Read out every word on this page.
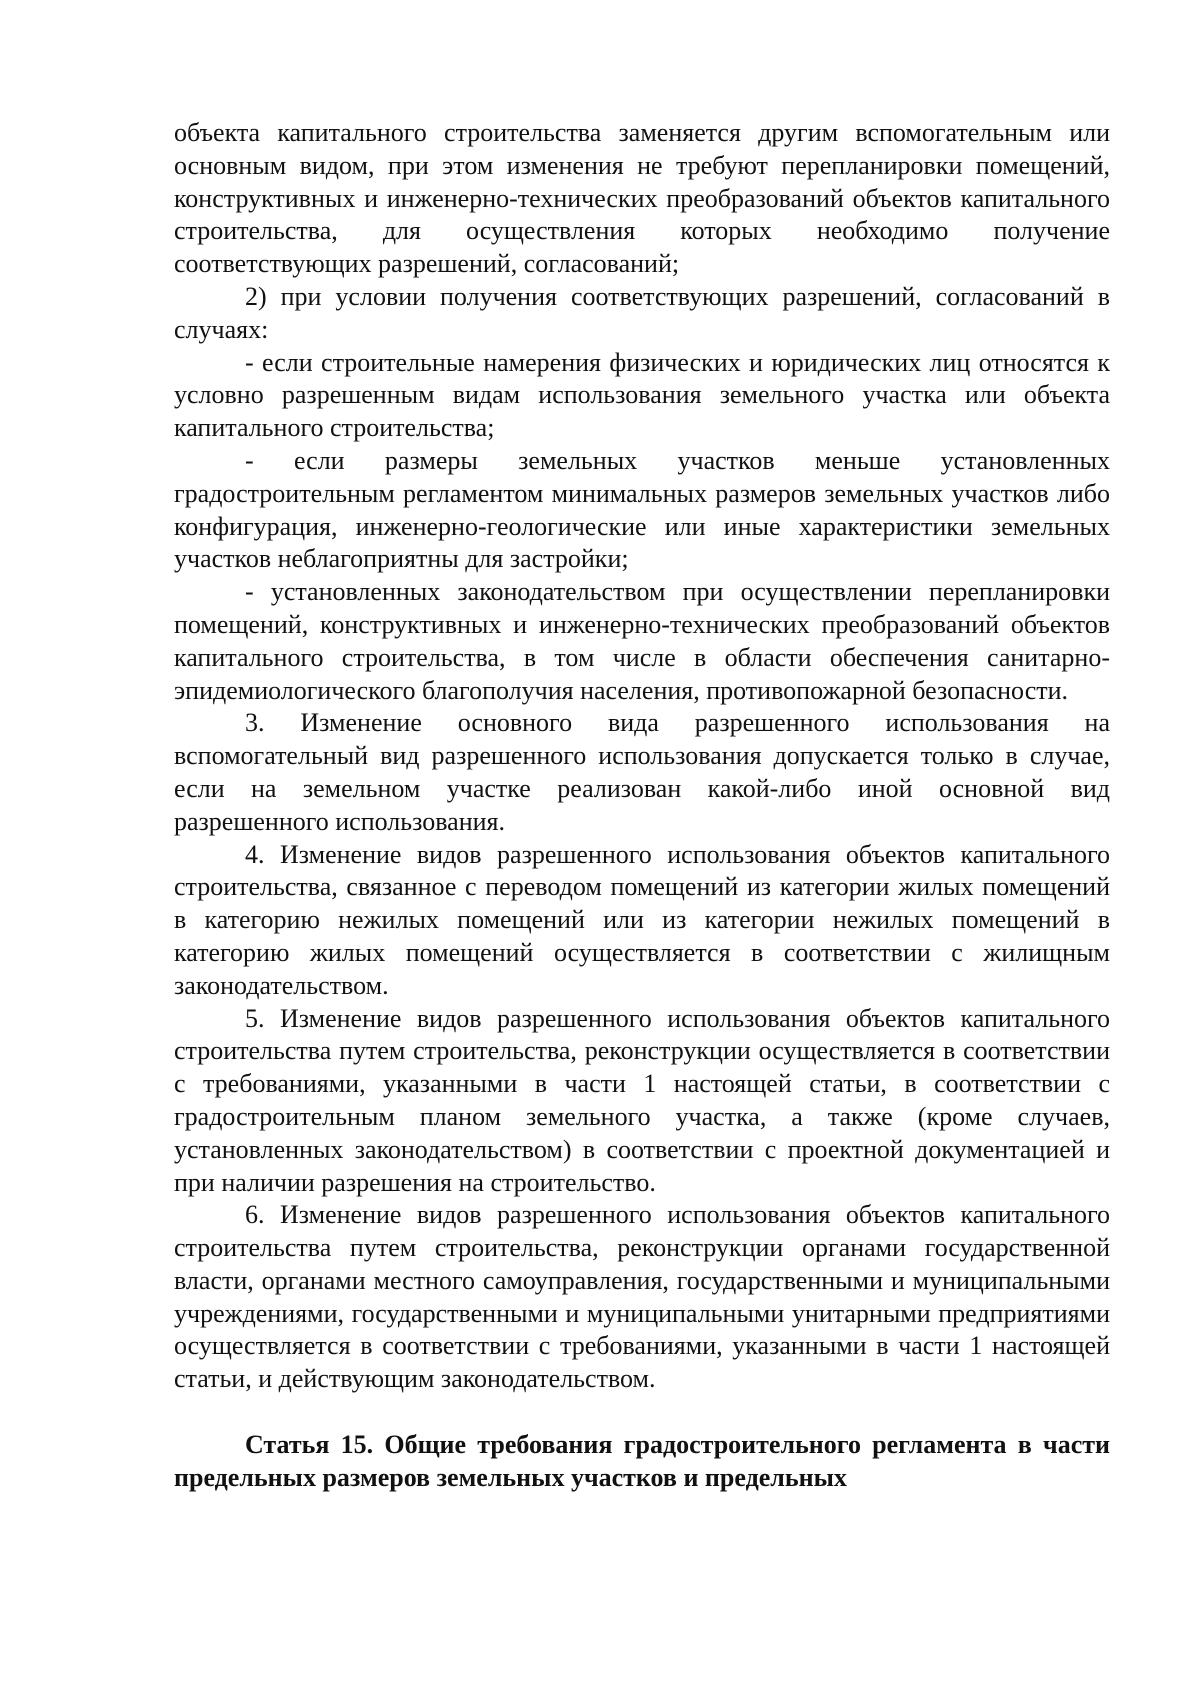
объекта капитального строительства заменяется другим вспомогательным или основным видом, при этом изменения не требуют перепланировки помещений, конструктивных и инженерно-технических преобразований объектов капитального строительства, для осуществления которых необходимо получение соответствующих разрешений, согласований;

2) при условии получения соответствующих разрешений, согласований в случаях:

- если строительные намерения физических и юридических лиц относятся к условно разрешенным видам использования земельного участка или объекта капитального строительства;

- если размеры земельных участков меньше установленных градостроительным регламентом минимальных размеров земельных участков либо конфигурация, инженерно-геологические или иные характеристики земельных участков неблагоприятны для застройки;

- установленных законодательством при осуществлении перепланировки помещений, конструктивных и инженерно-технических преобразований объектов капитального строительства, в том числе в области обеспечения санитарно-эпидемиологического благополучия населения, противопожарной безопасности.

3. Изменение основного вида разрешенного использования на вспомогательный вид разрешенного использования допускается только в случае, если на земельном участке реализован какой-либо иной основной вид разрешенного использования.

4. Изменение видов разрешенного использования объектов капитального строительства, связанное с переводом помещений из категории жилых помещений в категорию нежилых помещений или из категории нежилых помещений в категорию жилых помещений осуществляется в соответствии с жилищным законодательством.

5. Изменение видов разрешенного использования объектов капитального строительства путем строительства, реконструкции осуществляется в соответствии с требованиями, указанными в части 1 настоящей статьи, в соответствии с градостроительным планом земельного участка, а также (кроме случаев, установленных законодательством) в соответствии с проектной документацией и при наличии разрешения на строительство.

6. Изменение видов разрешенного использования объектов капитального строительства путем строительства, реконструкции органами государственной власти, органами местного самоуправления, государственными и муниципальными учреждениями, государственными и муниципальными унитарными предприятиями осуществляется в соответствии с требованиями, указанными в части 1 настоящей статьи, и действующим законодательством.

Статья 15. Общие требования градостроительного регламента в части предельных размеров земельных участков и предельных
